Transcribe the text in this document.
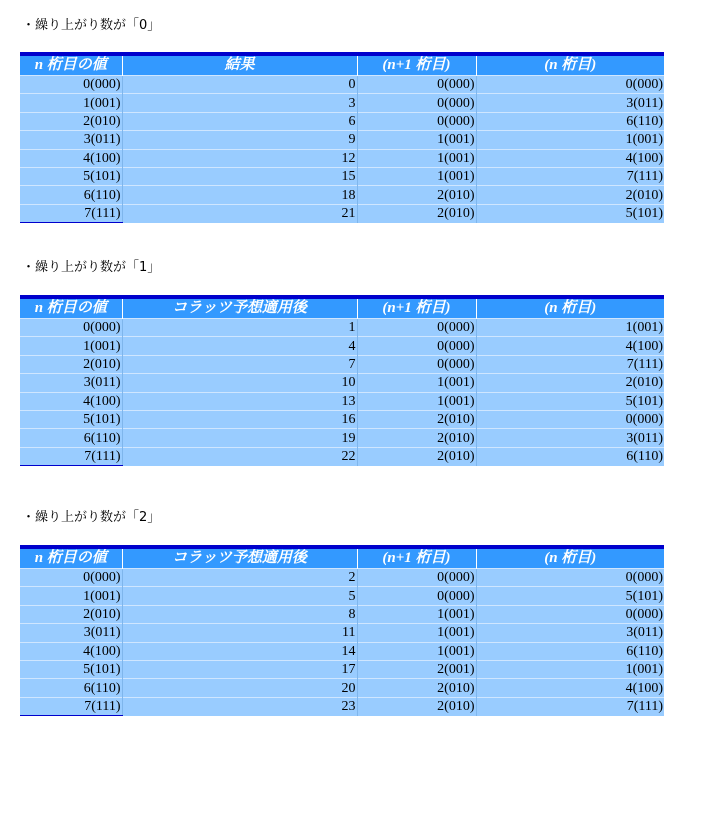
・繰り上がり数が「0」
n 桁目の値	結果	(n+1 桁目)	(n 桁目)
0(000)	0	0(000)	0(000)
1(001)	3	0(000)	3(011)
2(010)	6	0(000)	6(110)
3(011)	9	1(001)	1(001)
4(100)	12	1(001)	4(100)
5(101)	15	1(001)	7(111)
6(110)	18	2(010)	2(010)
7(111)	21	2(010)	5(101)
・繰り上がり数が「1」
n 桁目の値	コラッツ予想適用後	(n+1 桁目)	(n 桁目)
0(000)	1	0(000)	1(001)
1(001)	4	0(000)	4(100)
2(010)	7	0(000)	7(111)
3(011)	10	1(001)	2(010)
4(100)	13	1(001)	5(101)
5(101)	16	2(010)	0(000)
6(110)	19	2(010)	3(011)
7(111)	22	2(010)	6(110)
・繰り上がり数が「2」
n 桁目の値	コラッツ予想適用後	(n+1 桁目)	(n 桁目)
0(000)	2	0(000)	0(000)
1(001)	5	0(000)	5(101)
2(010)	8	1(001)	0(000)
3(011)	11	1(001)	3(011)
4(100)	14	1(001)	6(110)
5(101)	17	2(001)	1(001)
6(110)	20	2(010)	4(100)
7(111)	23	2(010)	7(111)
